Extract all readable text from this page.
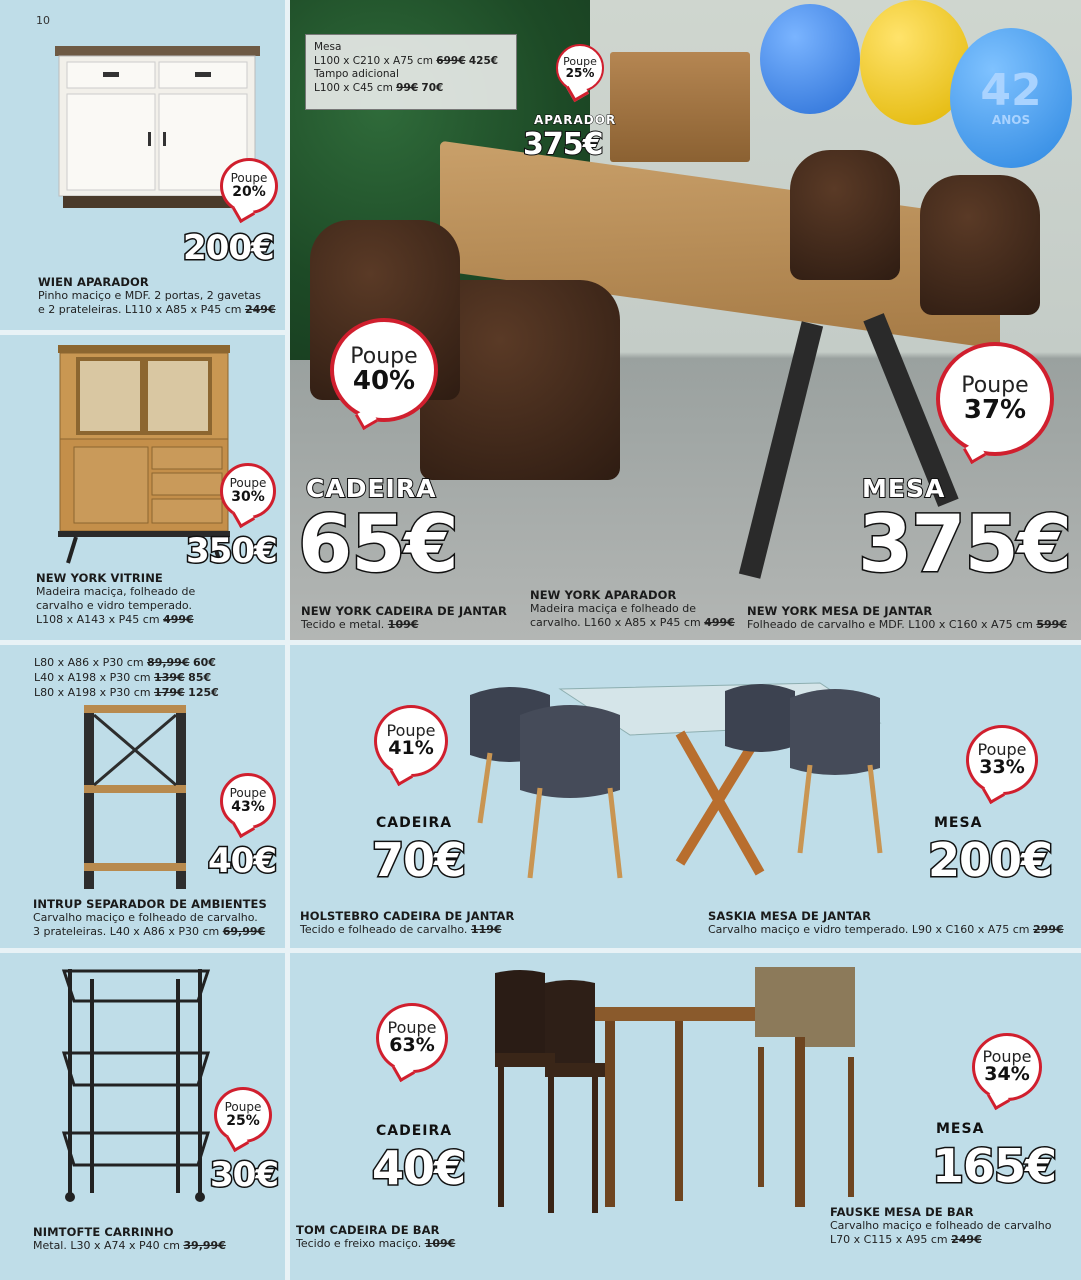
10
Poupe
20%
200€
WIEN APARADOR
Pinho maciço e MDF. 2 portas, 2 gavetas
e 2 prateleiras. L110 x A85 x P45 cm 249€
Poupe
30%
350€
NEW YORK VITRINE
Madeira maciça, folheado de
carvalho e vidro temperado.
L108 x A143 x P45 cm 499€
42
ANOS
Mesa
L100 x C210 x A75 cm 699€ 425€
Tampo adicional
L100 x C45 cm 99€ 70€
Poupe
25%
APARADOR
375€
Poupe
40%
CADEIRA
65€
Poupe
37%
MESA
375€
NEW YORK CADEIRA DE JANTAR
Tecido e metal. 109€
NEW YORK APARADOR
Madeira maciça e folheado de
carvalho. L160 x A85 x P45 cm 499€
NEW YORK MESA DE JANTAR
Folheado de carvalho e MDF. L100 x C160 x A75 cm 599€
L80 x A86 x P30 cm 89,99€ 60€
L40 x A198 x P30 cm 139€ 85€
L80 x A198 x P30 cm 179€ 125€
Poupe
43%
40€
INTRUP SEPARADOR DE AMBIENTES
Carvalho maciço e folheado de carvalho.
3 prateleiras. L40 x A86 x P30 cm 69,99€
Poupe
41%
CADEIRA
70€
Poupe
33%
MESA
200€
HOLSTEBRO CADEIRA DE JANTAR
Tecido e folheado de carvalho. 119€
SASKIA MESA DE JANTAR
Carvalho maciço e vidro temperado. L90 x C160 x A75 cm 299€
Poupe
25%
30€
NIMTOFTE CARRINHO
Metal. L30 x A74 x P40 cm 39,99€
Poupe
63%
CADEIRA
40€
Poupe
34%
MESA
165€
TOM CADEIRA DE BAR
Tecido e freixo maciço. 109€
FAUSKE MESA DE BAR
Carvalho maciço e folheado de carvalho
L70 x C115 x A95 cm 249€
